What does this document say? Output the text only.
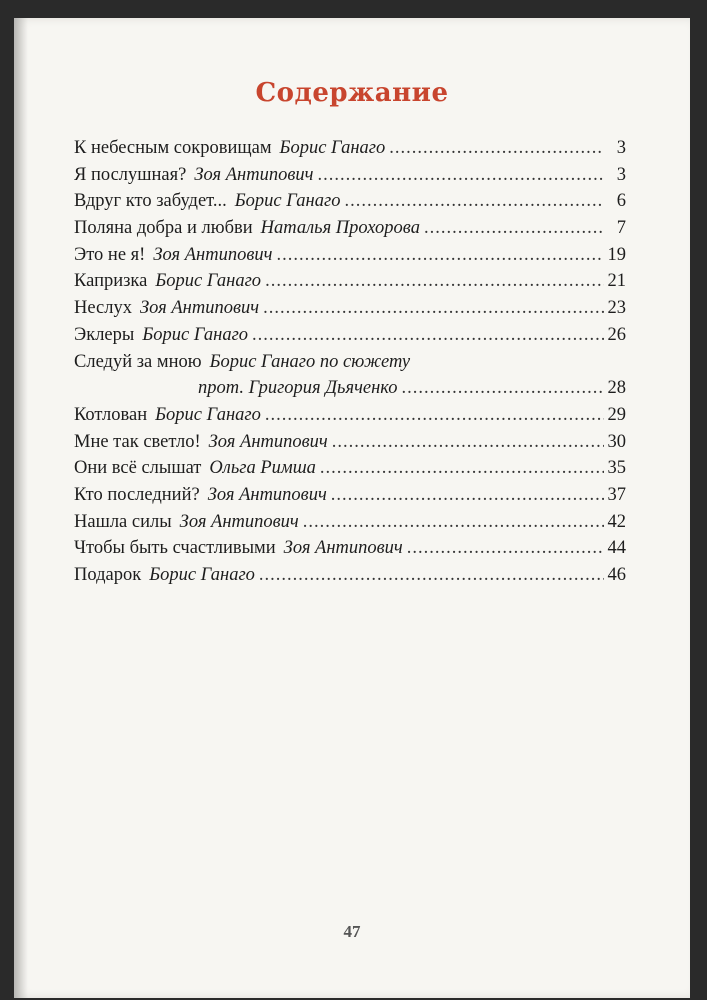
Содержание
К небесным сокровищам Борис Ганаго .....	3
Я послушная? Зоя Антипович .....	3
Вдруг кто забудет... Борис Ганаго .....	6
Поляна добра и любви Наталья Прохорова .....	7
Это не я! Зоя Антипович .....	19
Капризка Борис Ганаго .....	21
Неслух Зоя Антипович .....	23
Эклеры Борис Ганаго .....	26
Следуй за мною Борис Ганаго по сюжету
прот. Григория Дьяченко .....	28
Котлован Борис Ганаго .....	29
Мне так светло! Зоя Антипович .....	30
Они всё слышат Ольга Римша .....	35
Кто последний? Зоя Антипович .....	37
Нашла силы Зоя Антипович .....	42
Чтобы быть счастливыми Зоя Антипович .....	44
Подарок Борис Ганаго .....	46
47
